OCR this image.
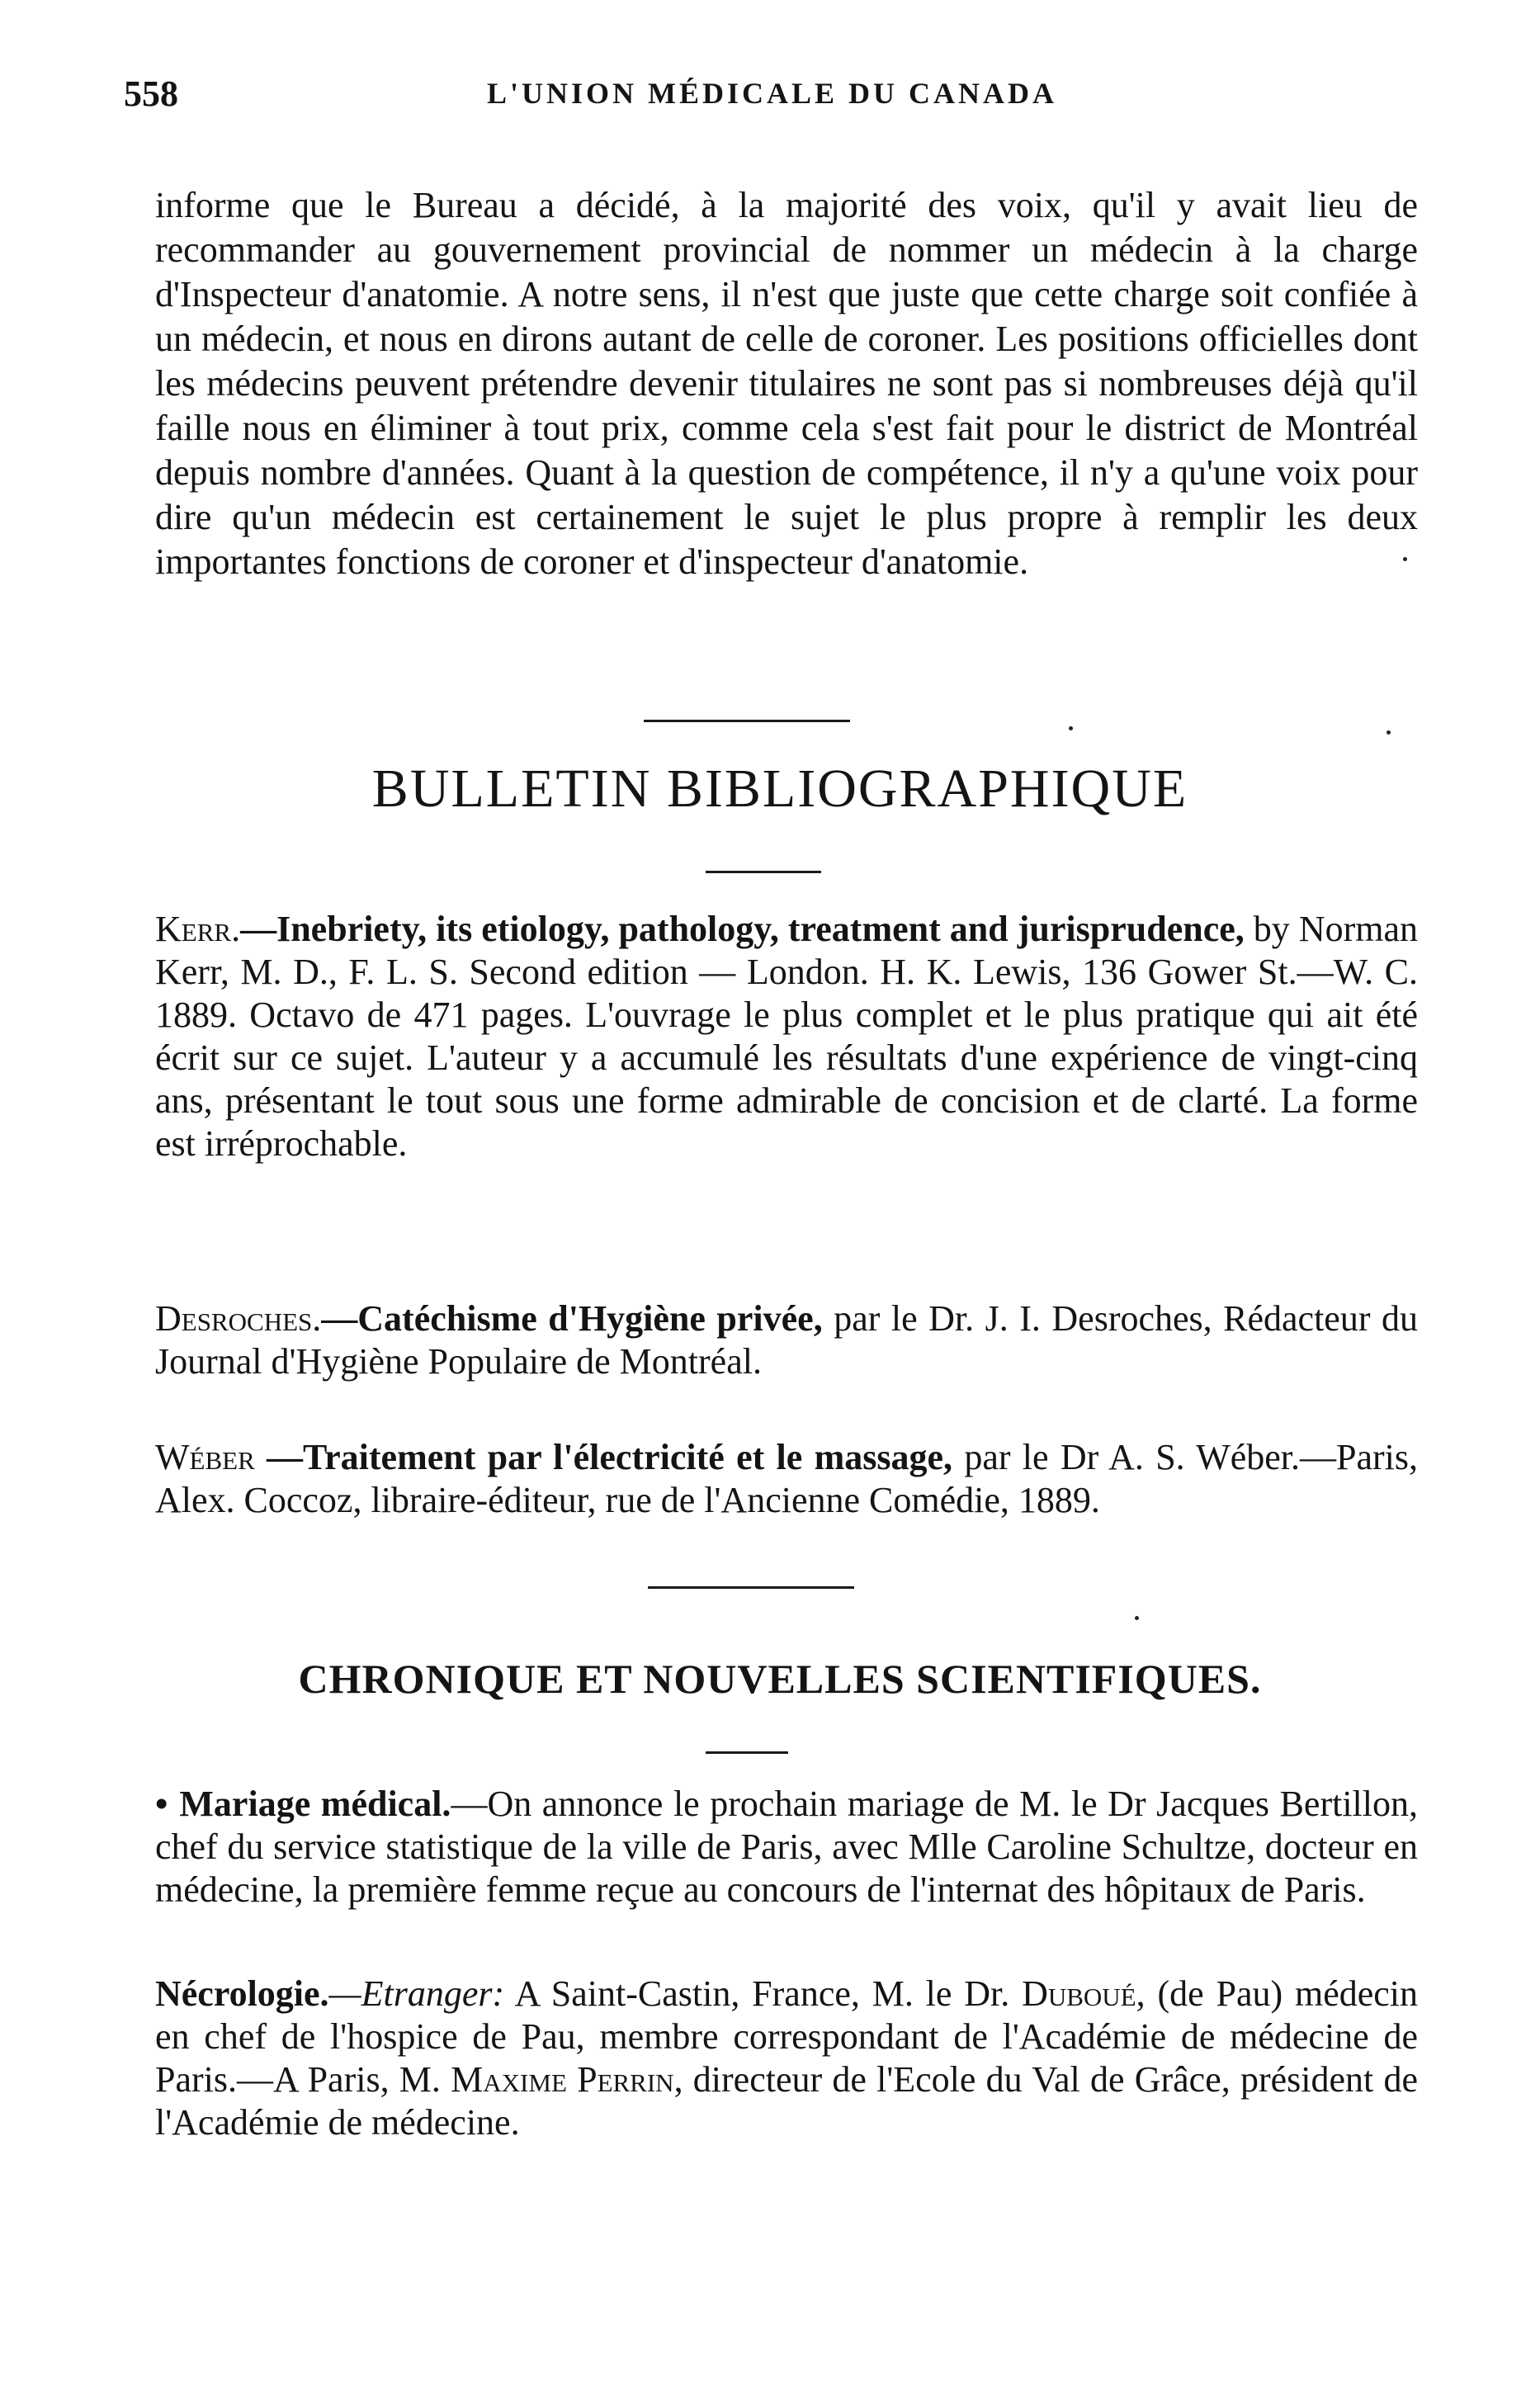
558	L'UNION MÉDICALE DU CANADA
informe que le Bureau a décidé, à la majorité des voix, qu'il y avait lieu de recommander au gouvernement provincial de nommer un médecin à la charge d'Inspecteur d'anatomie. A notre sens, il n'est que juste que cette charge soit confiée à un médecin, et nous en dirons autant de celle de coroner. Les positions officielles dont les médecins peuvent prétendre devenir titulaires ne sont pas si nombreuses déjà qu'il faille nous en éliminer à tout prix, comme cela s'est fait pour le district de Montréal depuis nombre d'années. Quant à la question de compétence, il n'y a qu'une voix pour dire qu'un médecin est certainement le sujet le plus propre à remplir les deux importantes fonctions de coroner et d'inspecteur d'anatomie.
BULLETIN BIBLIOGRAPHIQUE
Kerr.—Inebriety, its etiology, pathology, treatment and jurisprudence, by Norman Kerr, M. D., F. L. S. Second edition — London. H. K. Lewis, 136 Gower St.—W. C. 1889. Octavo de 471 pages. L'ouvrage le plus complet et le plus pratique qui ait été écrit sur ce sujet. L'auteur y a accumulé les résultats d'une expérience de vingt-cinq ans, présentant le tout sous une forme admirable de concision et de clarté. La forme est irréprochable.
Desroches.—Catéchisme d'Hygiène privée, par le Dr. J. I. Desroches, Rédacteur du Journal d'Hygiène Populaire de Montréal.
Wéber —Traitement par l'électricité et le massage, par le Dr A. S. Wéber.—Paris, Alex. Coccoz, libraire-éditeur, rue de l'Ancienne Comédie, 1889.
CHRONIQUE ET NOUVELLES SCIENTIFIQUES.
• Mariage médical.—On annonce le prochain mariage de M. le Dr Jacques Bertillon, chef du service statistique de la ville de Paris, avec Mlle Caroline Schultze, docteur en médecine, la première femme reçue au concours de l'internat des hôpitaux de Paris.
Nécrologie.—Etranger: A Saint-Castin, France, M. le Dr. Duboué, (de Pau) médecin en chef de l'hospice de Pau, membre correspondant de l'Académie de médecine de Paris.—A Paris, M. Maxime Perrin, directeur de l'Ecole du Val de Grâce, président de l'Académie de médecine.
